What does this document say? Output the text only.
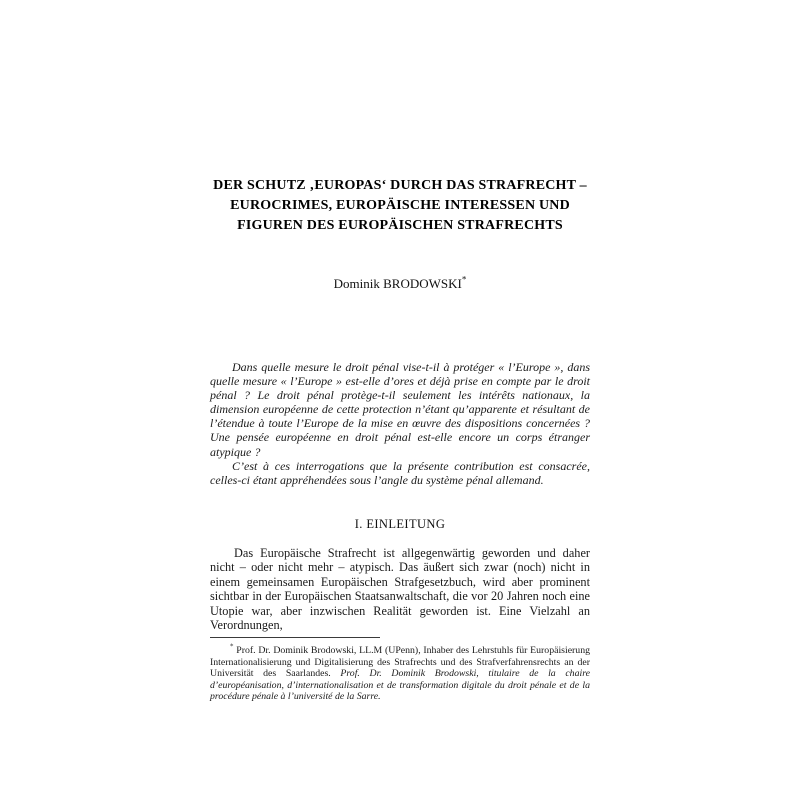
DER SCHUTZ ‚EUROPAS‘ DURCH DAS STRAFRECHT –
EUROCRIMES, EUROPÄISCHE INTERESSEN UND
FIGUREN DES EUROPÄISCHEN STRAFRECHTS
Dominik BRODOWSKI*

Dans quelle mesure le droit pénal vise-t-il à protéger « l’Europe », dans quelle mesure « l’Europe » est-elle d’ores et déjà prise en compte par le droit pénal ? Le droit pénal protège-t-il seulement les intérêts nationaux, la dimension européenne de cette protection n’étant qu’apparente et résultant de l’étendue à toute l’Europe de la mise en œuvre des dispositions concernées ? Une pensée européenne en droit pénal est-elle encore un corps étranger atypique ?

C’est à ces interrogations que la présente contribution est consacrée, celles-ci étant appréhendées sous l’angle du système pénal allemand.

I. EINLEITUNG

Das Europäische Strafrecht ist allgegenwärtig geworden und daher nicht – oder nicht mehr – atypisch. Das äußert sich zwar (noch) nicht in einem gemeinsamen Europäischen Strafgesetzbuch, wird aber prominent sichtbar in der Europäischen Staatsanwaltschaft, die vor 20 Jahren noch eine Utopie war, aber inzwischen Realität geworden ist. Eine Vielzahl an Verordnungen,

* Prof. Dr. Dominik Brodowski, LL.M (UPenn), Inhaber des Lehrstuhls für Europäisierung Internationalisierung und Digitalisierung des Strafrechts und des Strafverfahrensrechts an der Universität des Saarlandes. Prof. Dr. Dominik Brodowski, titulaire de la chaire d’européanisation, d’internationalisation et de transformation digitale du droit pénale et de la procédure pénale à l’université de la Sarre.
